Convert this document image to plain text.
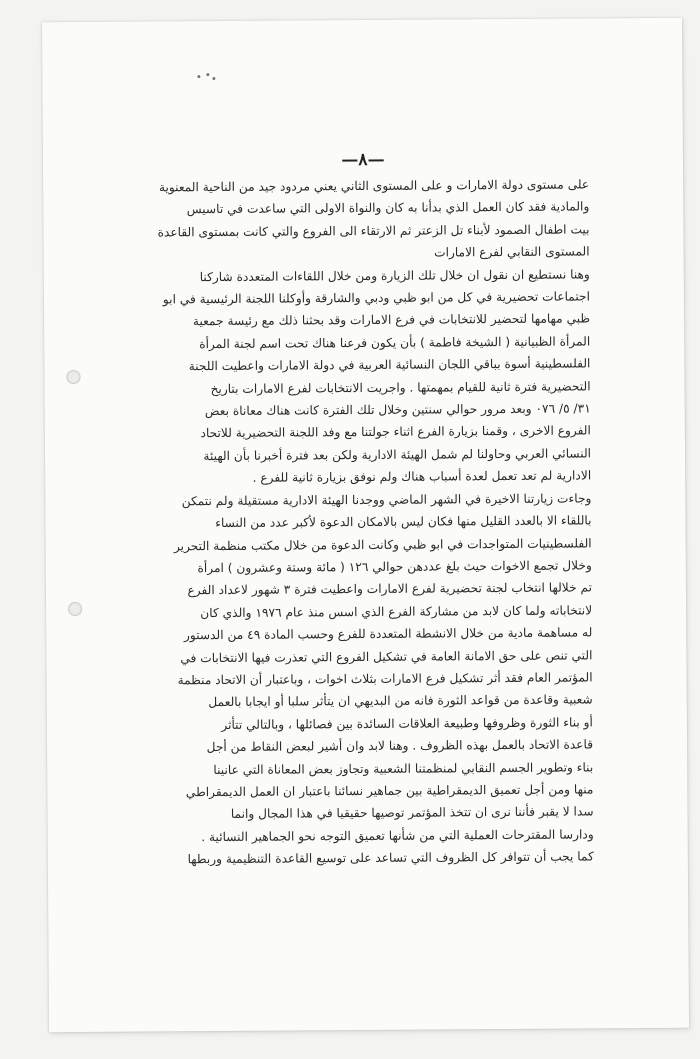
—٨—

على مستوى دولة الامارات و على المستوى الثاني يعني مردود جيد من الناحية المعنوية
والمادية فقد كان العمل الذي بدأنا به كان والنواة الاولى التي ساعدت في تاسيس
بيت اطفال الصمود لأبناء تل الزعتر ثم الارتقاء الى الفروع والتي كانت بمستوى القاعدة
المستوى النقابي لفرع الامارات

وهنا نستطيع ان نقول ان خلال تلك الزيارة ومن خلال اللقاءات المتعددة شاركنا
اجتماعات تحضيرية في كل من ابو ظبي ودبي والشارقة وأوكلنا اللجنة الرئيسية في ابو
ظبي مهامها لتحضير للانتخابات في فرع الامارات وقد بحثنا ذلك مع رئيسة جمعية
المرأة الظبيانية ( الشيخة فاطمة ) بأن يكون فرعنا هناك تحت اسم لجنة المرأة
الفلسطينية أسوة بباقي اللجان النسائية العربية في دولة الامارات واعطيت اللجنة
التحضيرية فترة ثانية للقيام بمهمتها . واجريت الانتخابات لفرع الامارات بتاريخ
٣١/ ٥/ ٠٧٦ وبعد مرور حوالي سنتين وخلال تلك الفترة كانت هناك معاناة بعض
الفروع الاخرى ، وقمنا بزيارة الفرع اثناء جولتنا مع وفد اللجنة التحضيرية للاتحاد
النسائي العربي وحاولنا لم شمل الهيئة الادارية ولكن بعد فترة أخبرنا بأن الهيئة
الادارية لم تعد تعمل لعدة أسباب هناك ولم نوفق بزيارة ثانية للفرع .

وجاءت زيارتنا الاخيرة في الشهر الماضي ووجدنا الهيئة الادارية مستقيلة ولم نتمكن
باللقاء الا بالعدد القليل منها فكان ليس بالامكان الدعوة لأكبر عدد من النساء
الفلسطينيات المتواجدات في ابو ظبي وكانت الدعوة من خلال مكتب منظمة التحرير
وخلال تجمع الاخوات حيث بلغ عددهن حوالي ١٢٦ ( مائة وستة وعشرون ) امرأة
تم خلالها انتخاب لجنة تحضيرية لفرع الامارات واعطيت فترة ٣ شهور لاعداد الفرع
لانتخاباته ولما كان لابد من مشاركة الفرع الذي اسس منذ عام ١٩٧٦ والذي كان
له مساهمة مادية من خلال الانشطة المتعددة للفرع وحسب المادة ٤٩ من الدستور
التي تنص على حق الامانة العامة في تشكيل الفروع التي تعذرت فيها الانتخابات في
المؤتمر العام فقد أثر تشكيل فرع الامارات بثلاث اخوات ، وباعتبار أن الاتحاد منظمة
شعبية وقاعدة من قواعد الثورة فانه من البديهي ان يتأثر سلبا أو ايجابا بالعمل
أو بناء الثورة وظروفها وطبيعة العلاقات السائدة بين فصائلها ، وبالتالي تتأثر
قاعدة الاتحاد بالعمل بهذه الظروف . وهنا لابد وان أشير لبعض النقاط من أجل
بناء وتطوير الجسم النقابي لمنظمتنا الشعبية وتجاوز بعض المعاناة التي عانينا
منها ومن أجل تعميق الديمقراطية بين جماهير نسائنا باعتبار ان العمل الديمقراطي
سدا لا يقبر فأننا نرى ان تتخذ المؤتمر توصيها حقيقيا في هذا المجال وانما
ودارسا المقترحات العملية التي من شأنها تعميق التوجه نحو الجماهير النسائية .
كما يجب أن تتوافر كل الظروف التي تساعد على توسيع القاعدة التنظيمية وربطها
